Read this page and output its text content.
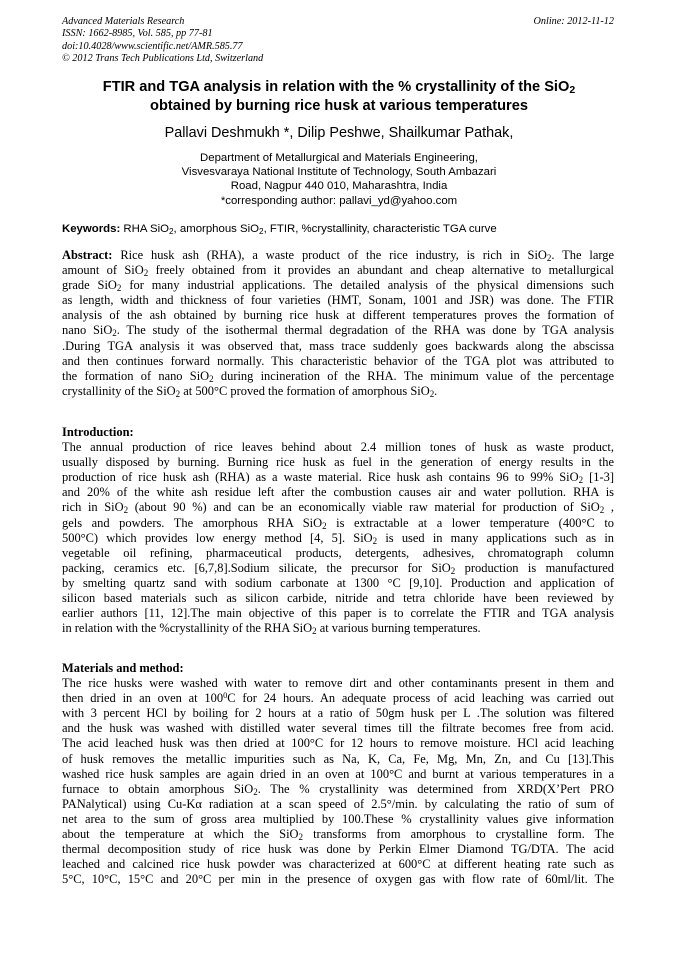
Advanced Materials Research
ISSN: 1662-8985, Vol. 585, pp 77-81
doi:10.4028/www.scientific.net/AMR.585.77
© 2012 Trans Tech Publications Ltd, Switzerland
Online: 2012-11-12
FTIR and TGA analysis in relation with the % crystallinity of the SiO$_2$
obtained by burning rice husk at various temperatures
Pallavi Deshmukh *, Dilip Peshwe, Shailkumar Pathak,
Department of Metallurgical and Materials Engineering,
Visvesvaraya National Institute of Technology, South Ambazari
Road, Nagpur 440 010, Maharashtra, India
*corresponding author: pallavi_yd@yahoo.com
Keywords: RHA SiO$_2$, amorphous SiO$_2$, FTIR, %crystallinity, characteristic TGA curve
Abstract: Rice husk ash (RHA), a waste product of the rice industry, is rich in SiO$_2$. The large
amount of SiO$_2$ freely obtained from it provides an abundant and cheap alternative to metallurgical
grade SiO$_2$ for many industrial applications. The detailed analysis of the physical dimensions such
as length, width and thickness of four varieties (HMT, Sonam, 1001 and JSR) was done. The FTIR
analysis of the ash obtained by burning rice husk at different temperatures proves the formation of
nano SiO$_2$. The study of the isothermal thermal degradation of the RHA was done by TGA analysis
.During TGA analysis it was observed that, mass trace suddenly goes backwards along the abscissa
and then continues forward normally. This characteristic behavior of the TGA plot was attributed to
the formation of nano SiO$_2$ during incineration of the RHA. The minimum value of the percentage
crystallinity of the SiO$_2$ at 500°C proved the formation of amorphous SiO$_2$.
Introduction:
The annual production of rice leaves behind about 2.4 million tones of husk as waste product,
usually disposed by burning. Burning rice husk as fuel in the generation of energy results in the
production of rice husk ash (RHA) as a waste material. Rice husk ash contains 96 to 99% SiO$_2$ [1-3]
and 20% of the white ash residue left after the combustion causes air and water pollution. RHA is
rich in SiO$_2$ (about 90 %) and can be an economically viable raw material for production of SiO$_2$ ,
gels and powders. The amorphous RHA SiO$_2$ is extractable at a lower temperature (400°C to
500°C) which provides low energy method [4, 5]. SiO$_2$ is used in many applications such as in
vegetable oil refining, pharmaceutical products, detergents, adhesives, chromatograph column
packing, ceramics etc. [6,7,8].Sodium silicate, the precursor for SiO$_2$ production is manufactured
by smelting quartz sand with sodium carbonate at 1300 °C [9,10]. Production and application of
silicon based materials such as silicon carbide, nitride and tetra chloride have been reviewed by
earlier authors [11, 12].The main objective of this paper is to correlate the FTIR and TGA analysis
in relation with the %crystallinity of the RHA SiO$_2$ at various burning temperatures.
Materials and method:
The rice husks were washed with water to remove dirt and other contaminants present in them and
then dried in an oven at $100^0C$ for 24 hours. An adequate process of acid leaching was carried out
with 3 percent HCl by boiling for 2 hours at a ratio of 50gm husk per L .The solution was filtered
and the husk was washed with distilled water several times till the filtrate becomes free from acid.
The acid leached husk was then dried at 100°C for 12 hours to remove moisture. HCl acid leaching
of husk removes the metallic impurities such as Na, K, Ca, Fe, Mg, Mn, Zn, and Cu [13].This
washed rice husk samples are again dried in an oven at 100°C and burnt at various temperatures in a
furnace to obtain amorphous SiO$_2$. The % crystallinity was determined from XRD(X’Pert PRO
PANalytical) using Cu-Kα radiation at a scan speed of 2.5°/min. by calculating the ratio of sum of
net area to the sum of gross area multiplied by 100.These % crystallinity values give information
about the temperature at which the SiO$_2$ transforms from amorphous to crystalline form. The
thermal decomposition study of rice husk was done by Perkin Elmer Diamond TG/DTA. The acid
leached and calcined rice husk powder was characterized at 600°C at different heating rate such as
5°C, 10°C, 15°C and 20°C per min in the presence of oxygen gas with flow rate of 60ml/lit. The
